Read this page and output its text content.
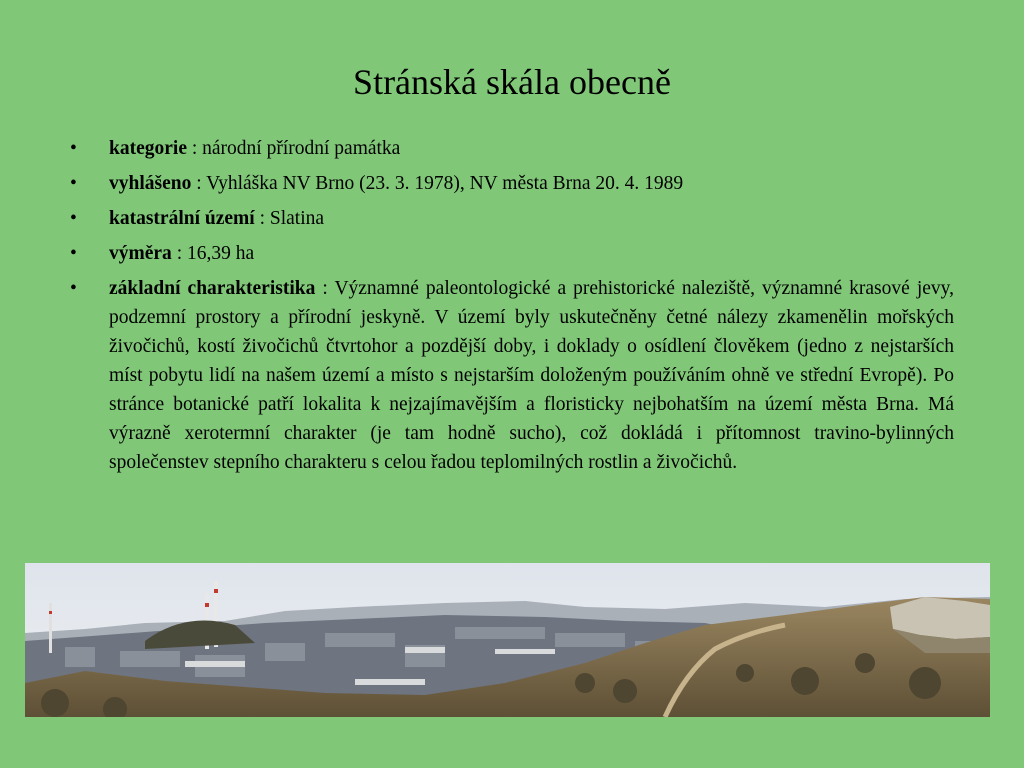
Stránská skála obecně
• kategorie : národní přírodní památka
• vyhlášeno : Vyhláška NV Brno (23. 3. 1978), NV města Brna 20. 4. 1989
• katastrální území : Slatina
• výměra : 16,39 ha
• základní charakteristika : Významné paleontologické a prehistorické naleziště, významné krasové jevy, podzemní prostory a přírodní jeskyně. V území byly uskutečněny četné nálezy zkamenělin mořských živočichů, kostí živočichů čtvrtohor a pozdější doby, i doklady o osídlení člověkem (jedno z nejstarších míst pobytu lidí na našem území a místo s nejstarším doloženým používáním ohně ve střední Evropě). Po stránce botanické patří lokalita k nejzajímavějším a floristicky nejbohatším na území města Brna. Má výrazně xerotermní charakter (je tam hodně sucho), což dokládá i přítomnost travino-bylinných společenstev stepního charakteru s celou řadou teplomilných rostlin a živočichů.
